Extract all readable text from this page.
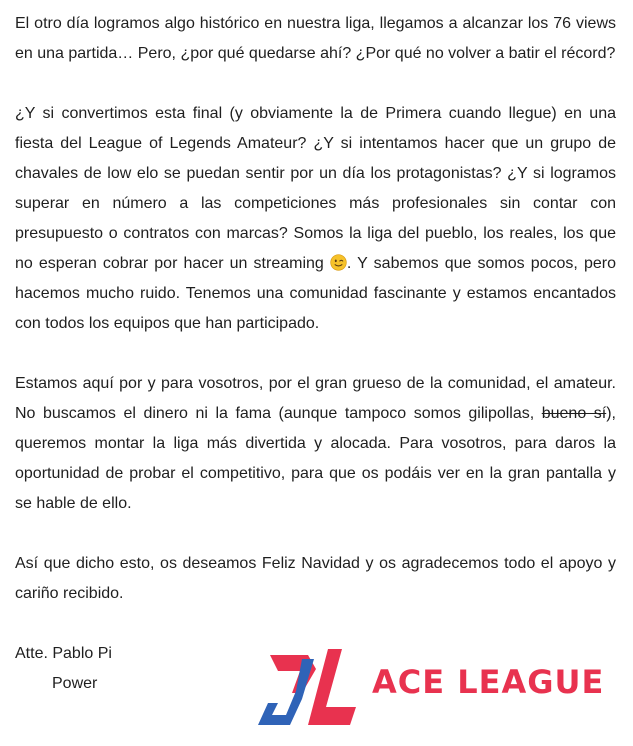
El otro día logramos algo histórico en nuestra liga, llegamos a alcanzar los 76 views en una partida… Pero, ¿por qué quedarse ahí? ¿Por qué no volver a batir el récord?

¿Y si convertimos esta final (y obviamente la de Primera cuando llegue) en una fiesta del League of Legends Amateur? ¿Y si intentamos hacer que un grupo de chavales de low elo se puedan sentir por un día los protagonistas? ¿Y si logramos superar en número a las competiciones más profesionales sin contar con presupuesto o contratos con marcas? Somos la liga del pueblo, los reales, los que no esperan cobrar por hacer un streaming . Y sabemos que somos pocos, pero hacemos mucho ruido. Tenemos una comunidad fascinante y estamos encantados con todos los equipos que han participado.

Estamos aquí por y para vosotros, por el gran grueso de la comunidad, el amateur. No buscamos el dinero ni la fama (aunque tampoco somos gilipollas, bueno sí), queremos montar la liga más divertida y alocada. Para vosotros, para daros la oportunidad de probar el competitivo, para que os podáis ver en la gran pantalla y se hable de ello.

Así que dicho esto, os deseamos Feliz Navidad y os agradecemos todo el apoyo y cariño recibido.

Atte. Pablo Pi

Power	ACE LEAGUE
